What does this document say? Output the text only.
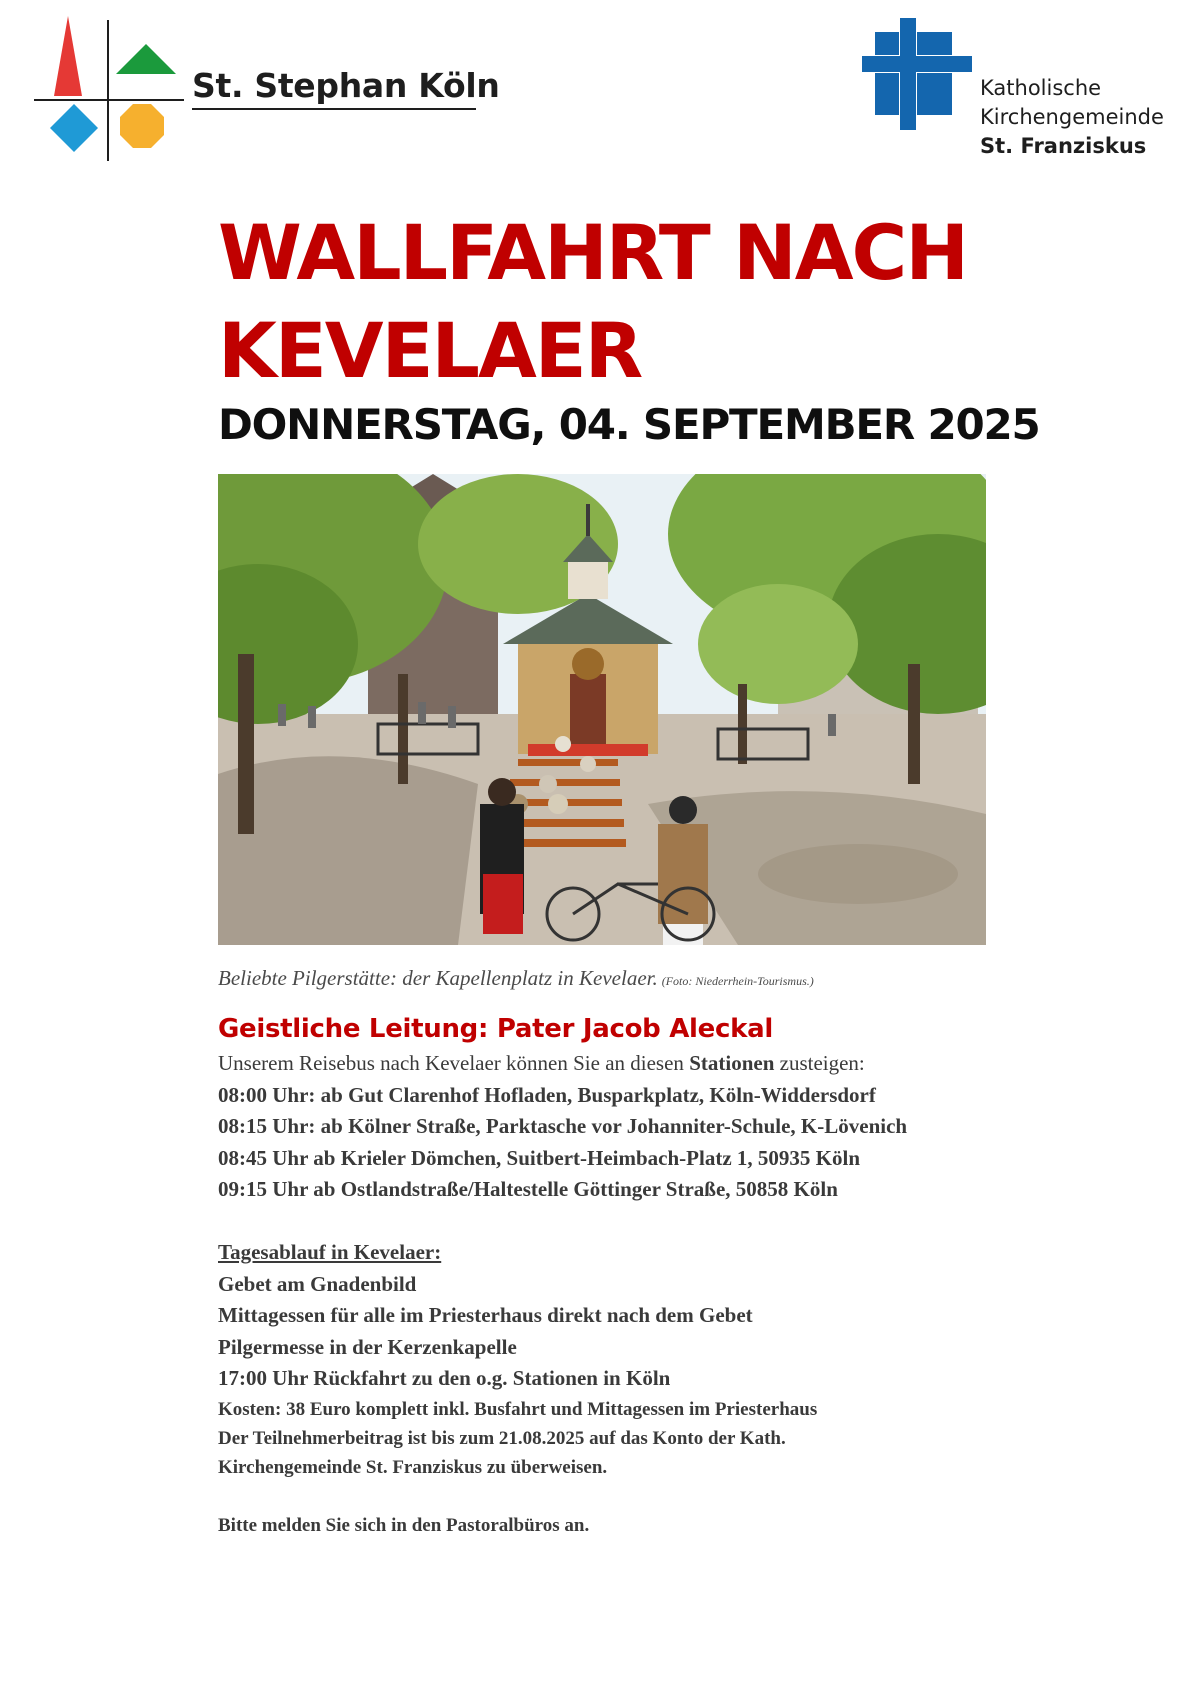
St. Stephan Köln	Katholische
Kirchengemeinde
St. Franziskus
WALLFAHRT NACH
KEVELAER
DONNERSTAG, 04. SEPTEMBER 2025
Beliebte Pilgerstätte: der Kapellenplatz in Kevelaer. (Foto: Niederrhein-Tourismus.)
Geistliche Leitung: Pater Jacob Aleckal
Unserem Reisebus nach Kevelaer können Sie an diesen Stationen zusteigen:
08:00 Uhr: ab Gut Clarenhof Hofladen, Busparkplatz, Köln-Widdersdorf
08:15 Uhr: ab Kölner Straße, Parktasche vor Johanniter-Schule, K-Lövenich
08:45 Uhr ab Krieler Dömchen, Suitbert-Heimbach-Platz 1, 50935 Köln
09:15 Uhr ab Ostlandstraße/Haltestelle Göttinger Straße, 50858 Köln
Tagesablauf in Kevelaer:
Gebet am Gnadenbild
Mittagessen für alle im Priesterhaus direkt nach dem Gebet
Pilgermesse in der Kerzenkapelle
17:00 Uhr Rückfahrt zu den o.g. Stationen in Köln
Kosten: 38 Euro komplett inkl. Busfahrt und Mittagessen im Priesterhaus
Der Teilnehmerbeitrag ist bis zum 21.08.2025 auf das Konto der Kath.
Kirchengemeinde St. Franziskus zu überweisen.
Bitte melden Sie sich in den Pastoralbüros an.
